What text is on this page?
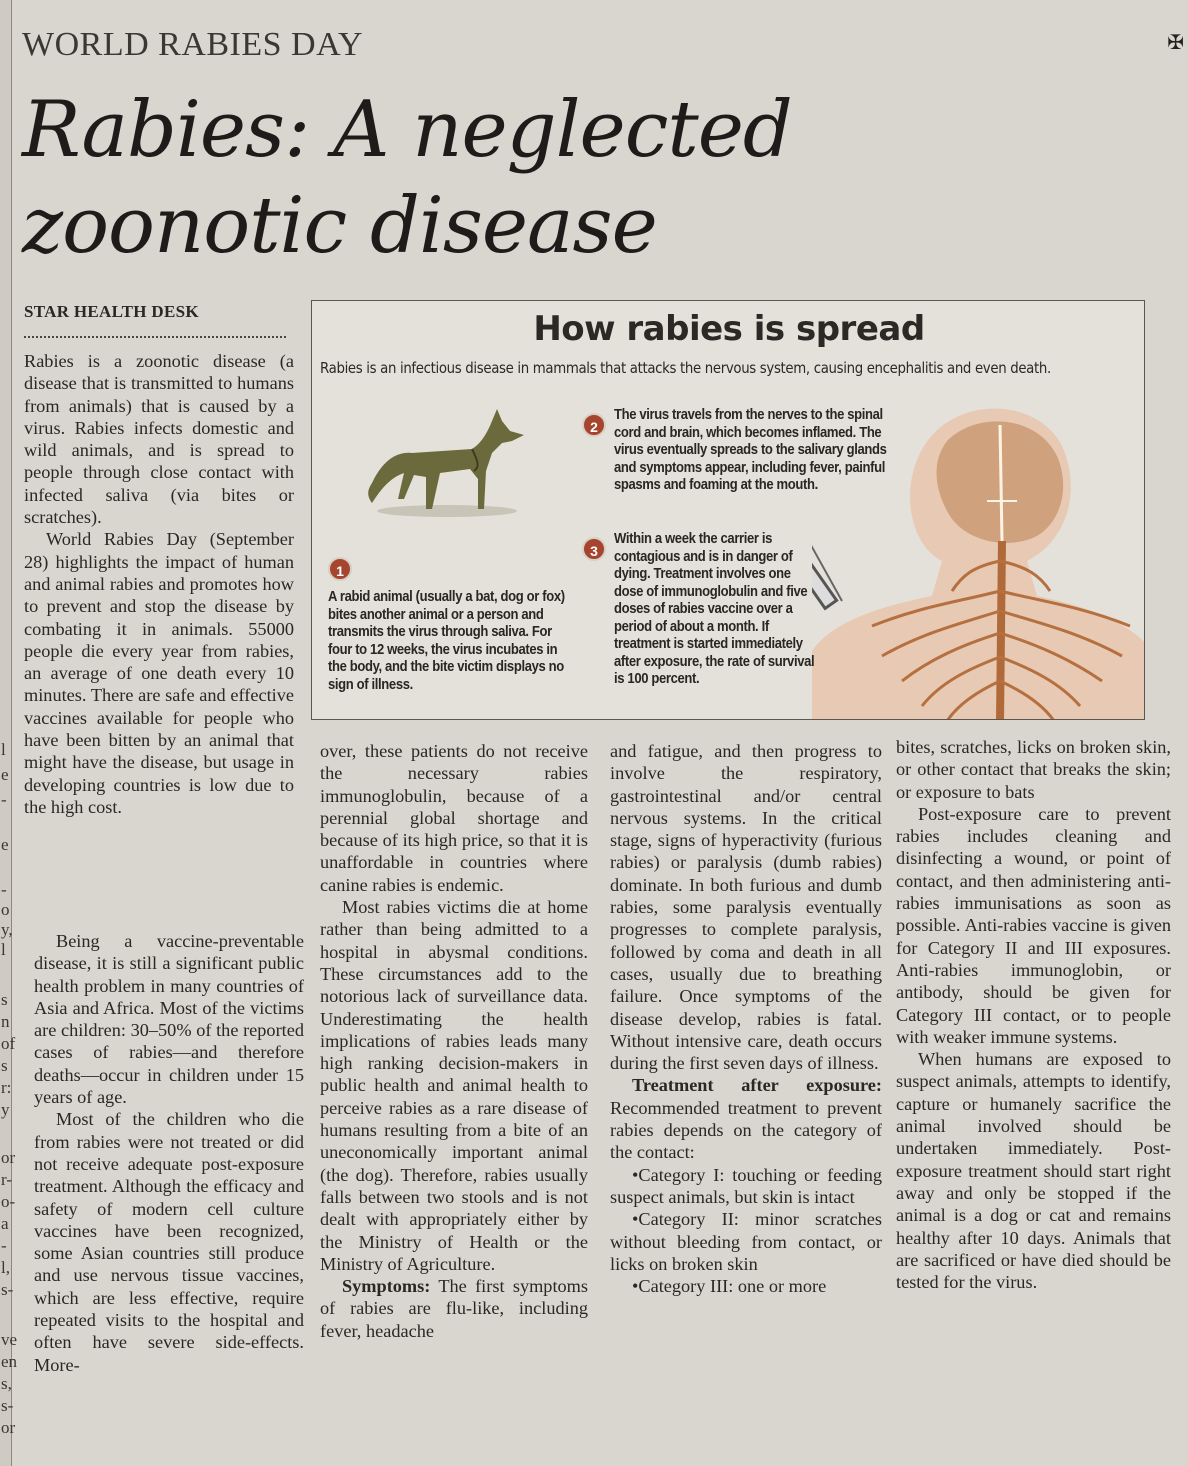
l
e
-
e
-
o
y,
l
s
n
of
s
r:
y
or
r-
o-
a
-
l,
s-
ve
en
s,
s-
or
WORLD RABIES DAY
Rabies: A neglected
zoonotic disease
STAR HEALTH DESK	How rabies is spread
Rabies is an infectious disease in mammals that attacks the nervous system, causing encephalitis and even death.
1
A rabid animal (usually a bat, dog or fox) bites another animal or a person and transmits the virus through saliva. For four to 12 weeks, the virus incubates in the body, and the bite victim displays no sign of illness.
2
The virus travels from the nerves to the spinal cord and brain, which becomes inflamed. The virus eventually spreads to the salivary glands and symptoms appear, including fever, painful spasms and foaming at the mouth.
3
Within a week the carrier is contagious and is in danger of dying. Treatment involves one dose of immunoglobulin and five doses of rabies vaccine over a period of about a month. If treatment is started immediately after exposure, the rate of survival is 100 percent.

Rabies is a zoonotic disease (a disease that is transmitted to humans from animals) that is caused by a virus. Rabies infects domestic and wild animals, and is spread to people through close contact with infected saliva (via bites or scratches).

World Rabies Day (September 28) highlights the impact of human and animal rabies and promotes how to prevent and stop the disease by combating it in animals. 55000 people die every year from rabies, an average of one death every 10 minutes. There are safe and effective vaccines available for people who have been bitten by an animal that might have the disease, but usage in developing countries is low due to the high cost.

Being a vaccine-preventable disease, it is still a significant public health problem in many countries of Asia and Africa. Most of the victims are children: 30–50% of the reported cases of rabies—and therefore deaths—occur in children under 15 years of age.

Most of the children who die from rabies were not treated or did not receive adequate post-exposure treatment. Although the efficacy and safety of modern cell culture vaccines have been recognized, some Asian countries still produce and use nervous tissue vaccines, which are less effective, require repeated visits to the hospital and often have severe side-effects. More-

over, these patients do not receive the necessary rabies immunoglobulin, because of a perennial global shortage and because of its high price, so that it is unaffordable in countries where canine rabies is endemic.

Most rabies victims die at home rather than being admitted to a hospital in abysmal conditions. These circumstances add to the notorious lack of surveillance data. Underestimating the health implications of rabies leads many high ranking decision-makers in public health and animal health to perceive rabies as a rare disease of humans resulting from a bite of an uneconomically important animal (the dog). Therefore, rabies usually falls between two stools and is not dealt with appropriately either by the Ministry of Health or the Ministry of Agriculture.

Symptoms: The first symptoms of rabies are flu-like, including fever, headache

and fatigue, and then progress to involve the respiratory, gastrointestinal and/or central nervous systems. In the critical stage, signs of hyperactivity (furious rabies) or paralysis (dumb rabies) dominate. In both furious and dumb rabies, some paralysis eventually progresses to complete paralysis, followed by coma and death in all cases, usually due to breathing failure. Once symptoms of the disease develop, rabies is fatal. Without intensive care, death occurs during the first seven days of illness.

Treatment after exposure: Recommended treatment to prevent rabies depends on the category of the contact:

•Category I: touching or feeding suspect animals, but skin is intact

•Category II: minor scratches without bleeding from contact, or licks on broken skin

•Category III: one or more

bites, scratches, licks on broken skin, or other contact that breaks the skin; or exposure to bats

Post-exposure care to prevent rabies includes cleaning and disinfecting a wound, or point of contact, and then administering anti-rabies immunisations as soon as possible. Anti-rabies vaccine is given for Category II and III exposures. Anti-rabies immunoglobin, or antibody, should be given for Category III contact, or to people with weaker immune systems.

When humans are exposed to suspect animals, attempts to identify, capture or humanely sacrifice the animal involved should be undertaken immediately. Post-exposure treatment should start right away and only be stopped if the animal is a dog or cat and remains healthy after 10 days. Animals that are sacrificed or have died should be tested for the virus.

✠
